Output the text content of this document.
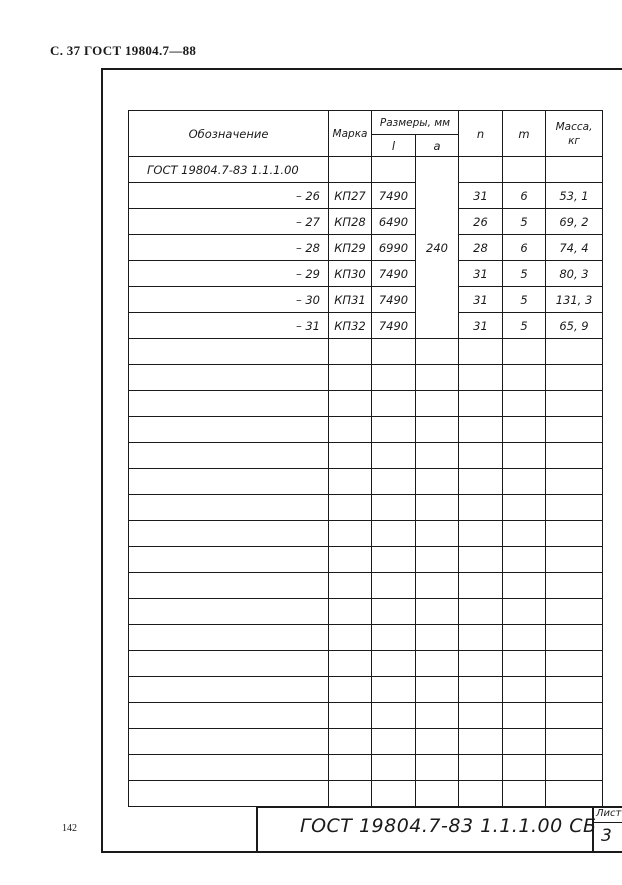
С. 37 ГОСТ 19804.7—88
Обозначение	Марка	Размеры, мм		n	m	Масса, кг
		l	a			
ГОСТ 19804.7-83 1.1.1.00			240			
– 26	КП27	7490		31	6	53, 1
– 27	КП28	6490		26	5	69, 2
– 28	КП29	6990		28	6	74, 4
– 29	КП30	7490		31	5	80, 3
– 30	КП31	7490		31	5	131, 3
– 31	КП32	7490		31	5	65, 9

142	ГОСТ 19804.7-83 1.1.1.00 СБ
Лист
3
